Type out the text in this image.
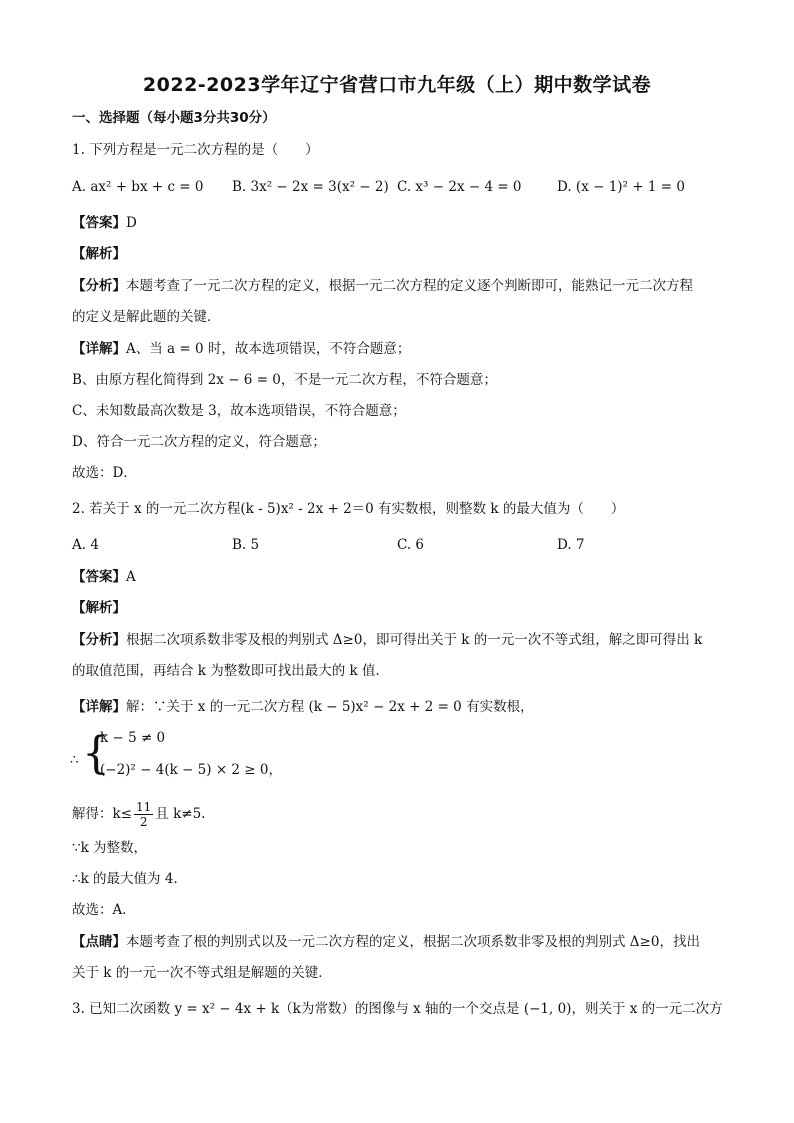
2022-2023学年辽宁省营口市九年级（上）期中数学试卷
一、选择题（每小题3分共30分）
1. 下列方程是一元二次方程的是（　　）
A. ax² + bx + c = 0 B. 3x² − 2x = 3(x² − 2) C. x³ − 2x − 4 = 0	D. (x − 1)² + 1 = 0
【答案】D
【解析】
【分析】本题考查了一元二次方程的定义，根据一元二次方程的定义逐个判断即可，能熟记一元二次方程
的定义是解此题的关键．
【详解】A、当 a = 0 时，故本选项错误，不符合题意；
B、由原方程化简得到 2x − 6 = 0，不是一元二次方程，不符合题意；
C、未知数最高次数是 3，故本选项错误，不符合题意；
D、符合一元二次方程的定义，符合题意；
故选：D．
2. 若关于 x 的一元二次方程(k - 5)x² - 2x + 2＝0 有实数根，则整数 k 的最大值为（　　）
A. 4	B. 5	C. 6	D. 7
【答案】A
【解析】
【分析】根据二次项系数非零及根的判别式 Δ≥0，即可得出关于 k 的一元一次不等式组，解之即可得出 k
的取值范围，再结合 k 为整数即可找出最大的 k 值．
【详解】解：∵关于 x 的一元二次方程 (k − 5)x² − 2x + 2 = 0 有实数根，
∴ {
k − 5 ≠ 0
(−2)² − 4(k − 5) × 2 ≥ 0，
解得：$k\le \frac{11}{2}$ 且 k≠5.
∵k 为整数，
∴k 的最大值为 4．
故选：A．
【点睛】本题考查了根的判别式以及一元二次方程的定义，根据二次项系数非零及根的判别式 Δ≥0，找出
关于 k 的一元一次不等式组是解题的关键．
3. 已知二次函数 y = x² − 4x + k（k为常数）的图像与 x 轴的一个交点是 (−1, 0)，则关于 x 的一元二次方
